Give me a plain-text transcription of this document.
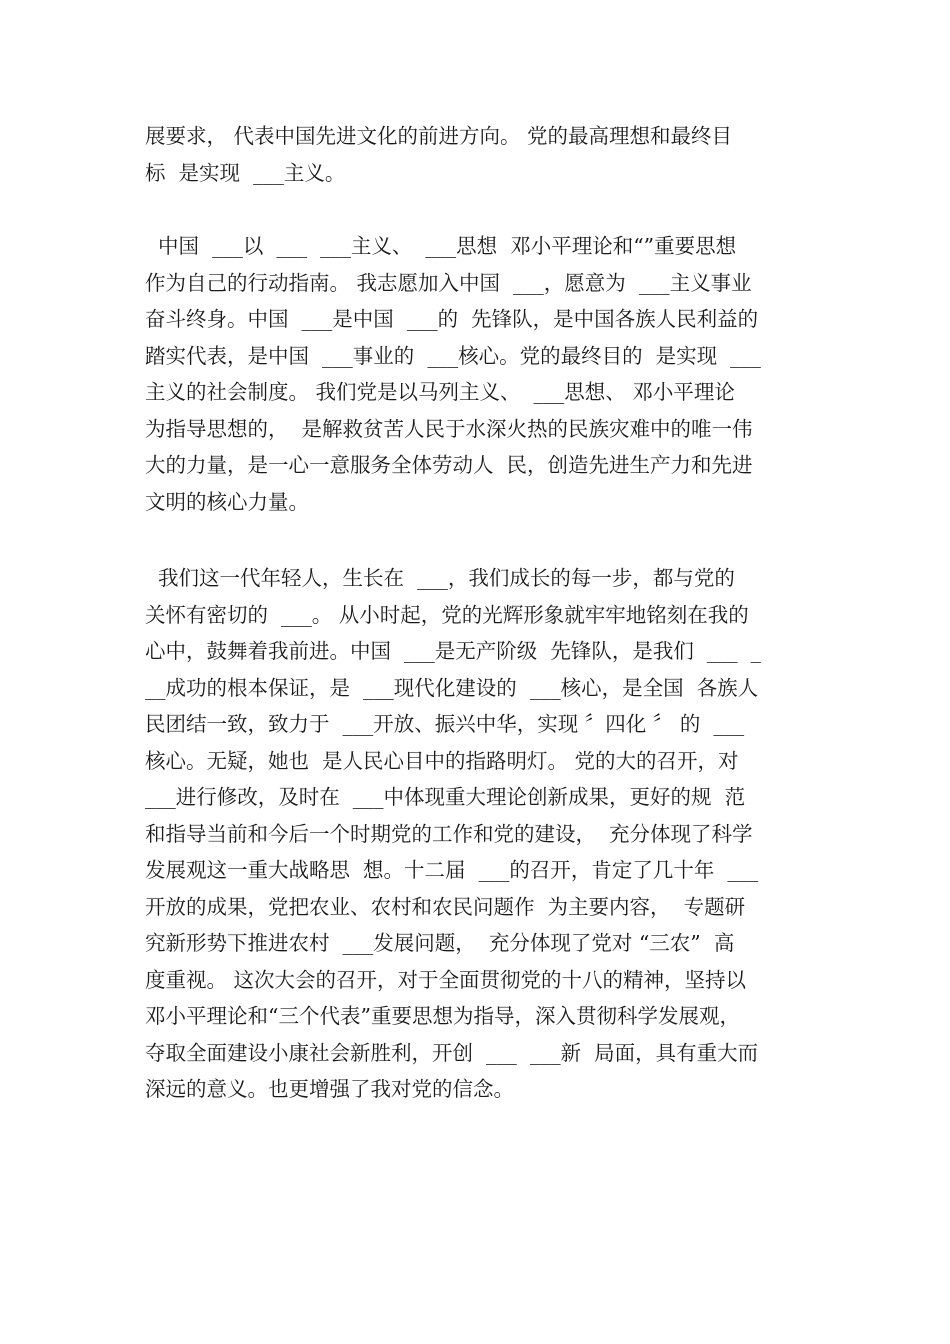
展要求， 代表中国先进文化的前进方向。 党的最高理想和最终目
标  是实现  ___主义。
中国  ___以  ___  ___主义、  ___思想  邓小平理论和“”重要思想
作为自己的行动指南。 我志愿加入中国  ___，愿意为  ___主义事业
奋斗终身。中国  ___是中国  ___的  先锋队，是中国各族人民利益的
踏实代表，是中国  ___事业的  ___核心。党的最终目的  是实现  ___
主义的社会制度。 我们党是以马列主义、  ___思想、 邓小平理论
为指导思想的，  是解救贫苦人民于水深火热的民族灾难中的唯一伟
大的力量，是一心一意服务全体劳动人  民，创造先进生产力和先进
文明的核心力量。
我们这一代年轻人，生长在  ___，我们成长的每一步，都与党的
关怀有密切的  ___。 从小时起，党的光辉形象就牢牢地铭刻在我的
心中，鼓舞着我前进。中国  ___是无产阶级  先锋队，是我们  ___  _
__成功的根本保证，是  ___现代化建设的  ___核心，是全国  各族人
民团结一致，致力于  ___开放、振兴中华，实现 〞四化 〞 的  ___
核心。无疑，她也  是人民心目中的指路明灯。 党的大的召开，对
___进行修改，及时在  ___中体现重大理论创新成果，更好的规  范
和指导当前和今后一个时期党的工作和党的建设，  充分体现了科学
发展观这一重大战略思  想。十二届  ___的召开，肯定了几十年  ___
开放的成果，党把农业、农村和农民问题作  为主要内容，  专题研
究新形势下推进农村  ___发展问题，  充分体现了党对 “三农”  高
度重视。 这次大会的召开，对于全面贯彻党的十八的精神，坚持以
邓小平理论和“三个代表”重要思想为指导，深入贯彻科学发展观，
夺取全面建设小康社会新胜利，开创  ___  ___新  局面，具有重大而
深远的意义。也更增强了我对党的信念。
